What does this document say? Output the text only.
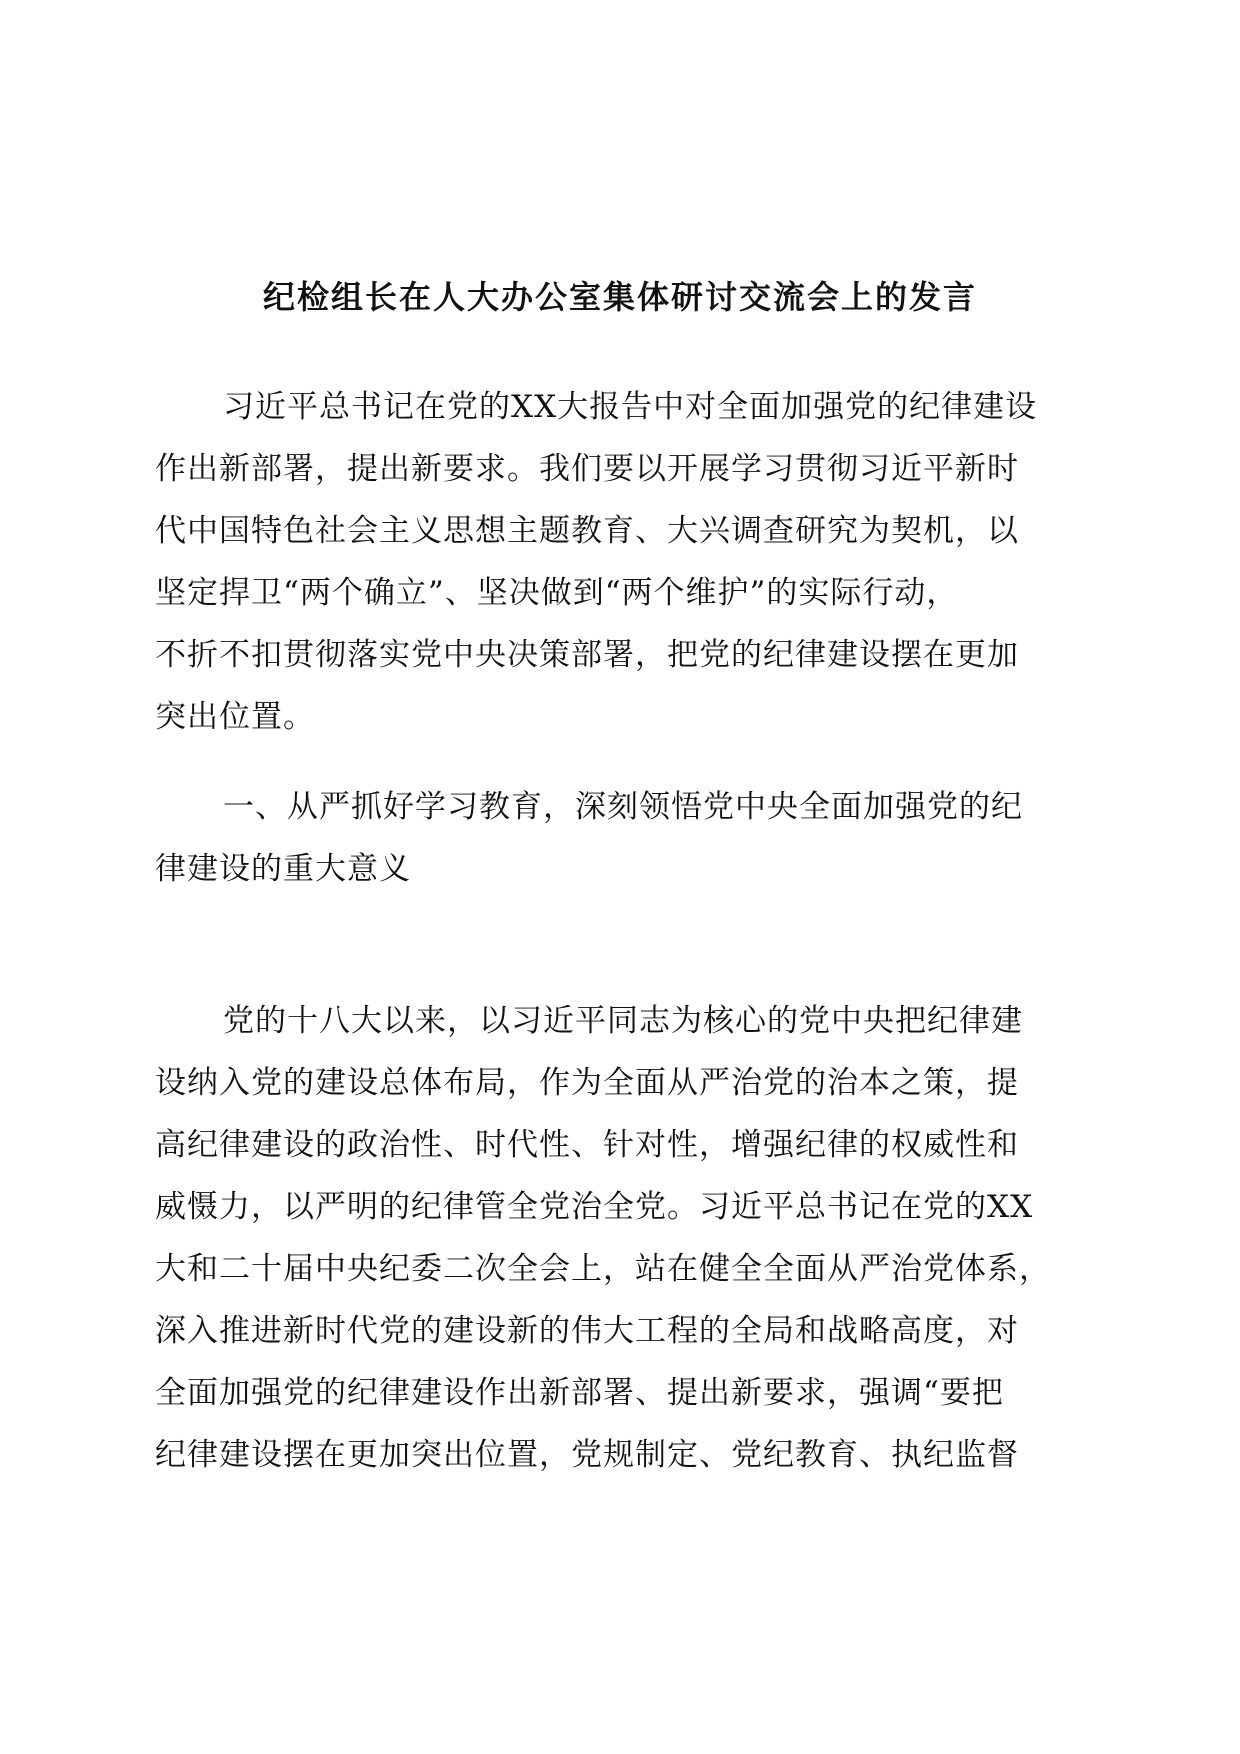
纪检组长在人大办公室集体研讨交流会上的发言
习近平总书记在党的XX大报告中对全面加强党的纪律建设
作出新部署，提出新要求。我们要以开展学习贯彻习近平新时
代中国特色社会主义思想主题教育、大兴调查研究为契机，以
坚定捍卫“两个确立”、坚决做到“两个维护”的实际行动，
不折不扣贯彻落实党中央决策部署，把党的纪律建设摆在更加
突出位置。
一、从严抓好学习教育，深刻领悟党中央全面加强党的纪
律建设的重大意义
党的十八大以来，以习近平同志为核心的党中央把纪律建
设纳入党的建设总体布局，作为全面从严治党的治本之策，提
高纪律建设的政治性、时代性、针对性，增强纪律的权威性和
威慑力，以严明的纪律管全党治全党。习近平总书记在党的XX
大和二十届中央纪委二次全会上，站在健全全面从严治党体系，
深入推进新时代党的建设新的伟大工程的全局和战略高度，对
全面加强党的纪律建设作出新部署、提出新要求，强调“要把
纪律建设摆在更加突出位置，党规制定、党纪教育、执纪监督
